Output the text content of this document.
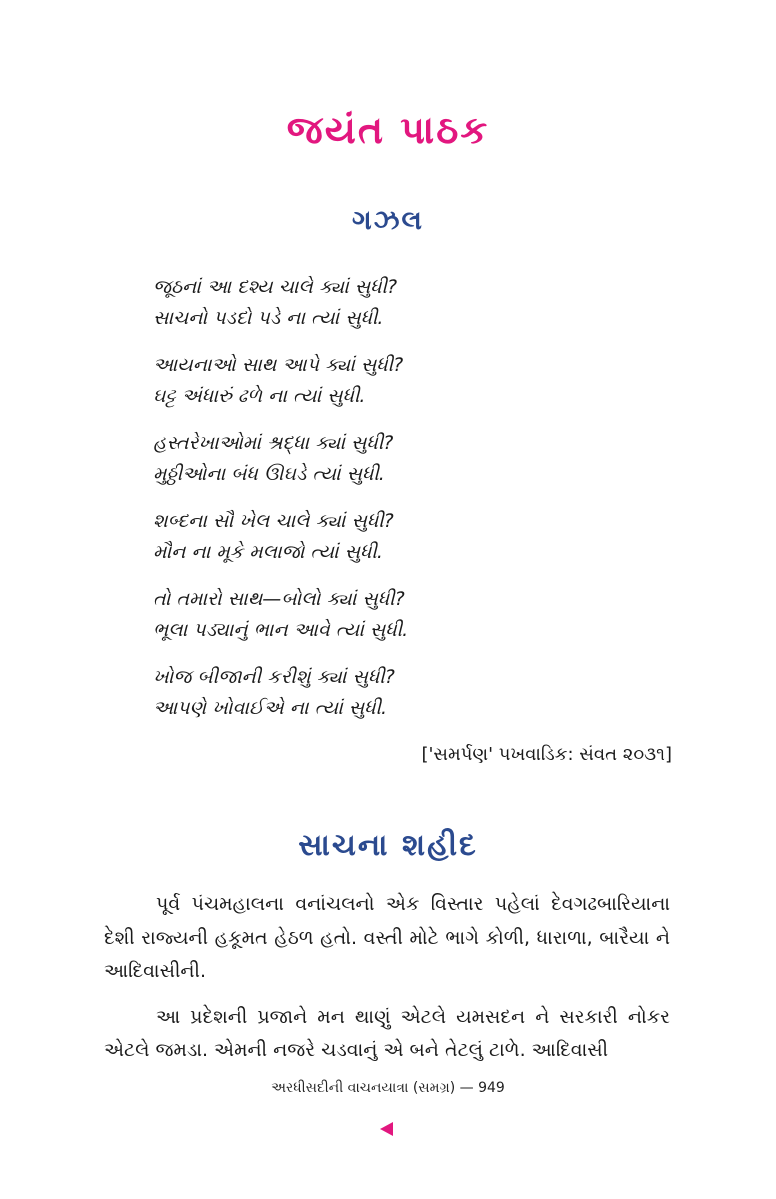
જયંત પાઠક
ગઝલ
જૂઠનાં આ દશ્ય ચાલે ક્યાં સુધી?
સાચનો પડદો પડે ના ત્યાં સુધી.
આયનાઓ સાથ આપે ક્યાં સુધી?
ઘટ્ટ અંધારું ઢળે ના ત્યાં સુધી.
હસ્તરેખાઓમાં શ્રદ્ધા ક્યાં સુધી?
મુઠ્ઠીઓના બંધ ઊઘડે ત્યાં સુધી.
શબ્દના સૌ ખેલ ચાલે ક્યાં સુધી?
મૌન ના મૂકે મલાજો ત્યાં સુધી.
તો તમારો સાથ—બોલો ક્યાં સુધી?
ભૂલા પડ્યાનું ભાન આવે ત્યાં સુધી.
ખોજ બીજાની કરીશું ક્યાં સુધી?
આપણે ખોવાઈએ ના ત્યાં સુધી.
['સમર્પણ' પખવાડિક: સંવત ૨૦૩૧]
સાચના શહીદ

પૂર્વ પંચમહાલના વનાંચલનો એક વિસ્તાર પહેલાં દેવગઢબારિયાના દેશી રાજ્યની હકૂમત હેઠળ હતો. વસ્તી મોટે ભાગે કોળી, ધારાળા, બારૈયા ને આદિવાસીની.

આ પ્રદેશની પ્રજાને મન થાણું એટલે યમસદન ને સરકારી નોકર એટલે જમડા. એમની નજરે ચડવાનું એ બને તેટલું ટાળે. આદિવાસી

અરધીસદીની વાચનયાત્રા (સમગ્ર) — 949
